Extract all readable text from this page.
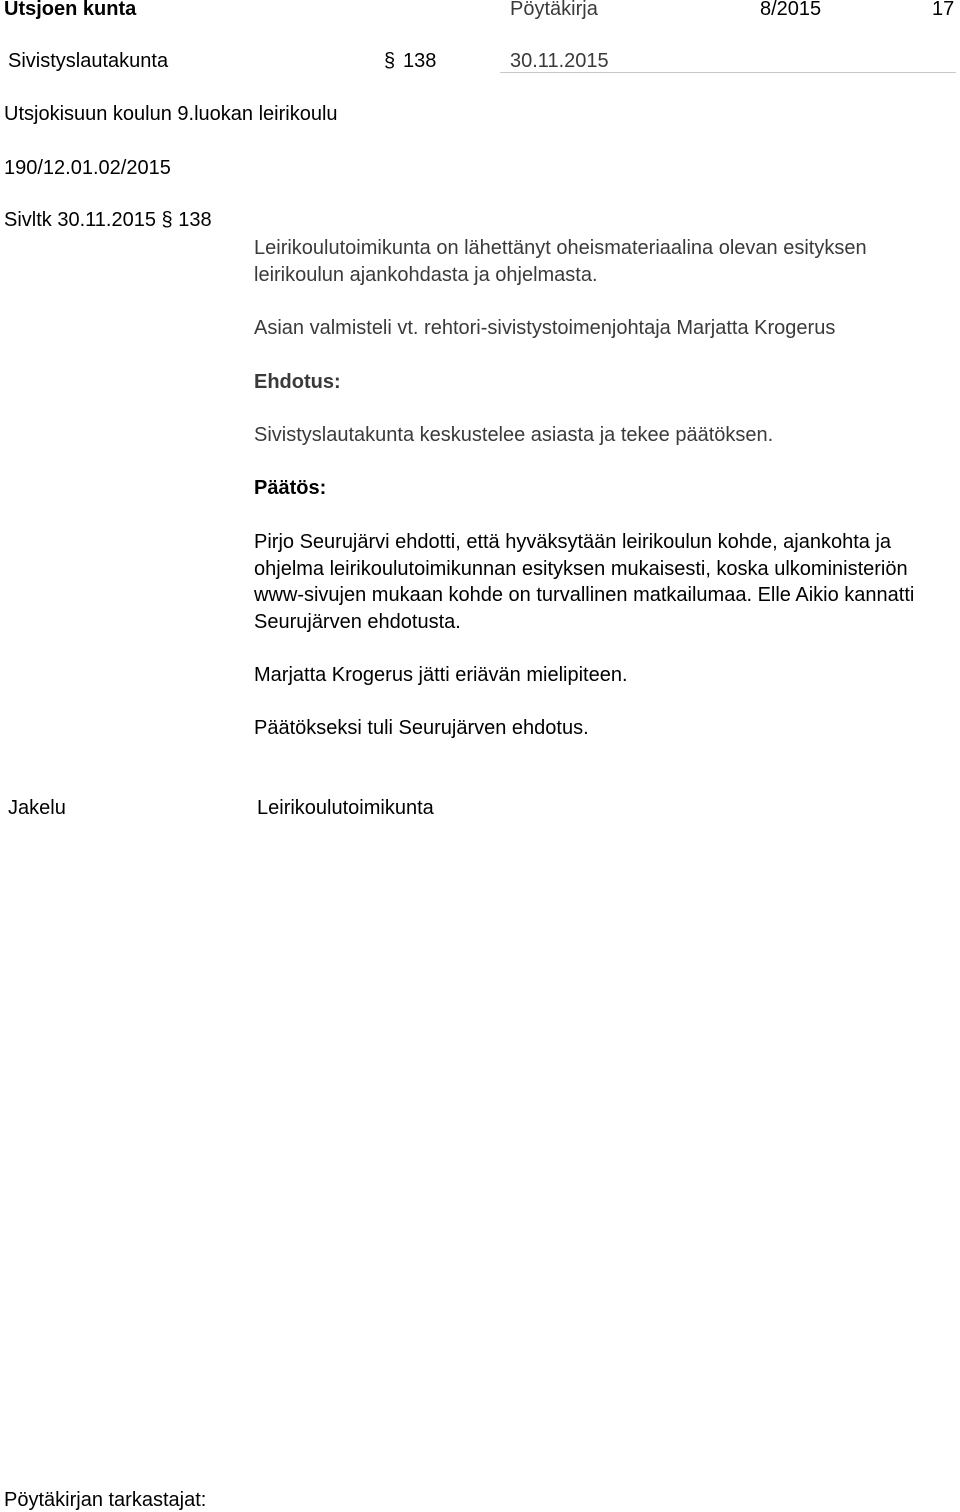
Utsjoen kunta	Pöytäkirja	8/2015	17
Sivistyslautakunta	§ 138	30.11.2015
Utsjokisuun koulun 9.luokan leirikoulu
190/12.01.02/2015
Sivltk 30.11.2015 § 138
Leirikoulutoimikunta on lähettänyt oheismateriaalina olevan esityksen leirikoulun ajankohdasta ja ohjelmasta.
Asian valmisteli vt. rehtori-sivistystoimenjohtaja Marjatta Krogerus
Ehdotus:
Sivistyslautakunta keskustelee asiasta ja tekee päätöksen.
Päätös:
Pirjo Seurujärvi ehdotti, että hyväksytään leirikoulun kohde, ajankohta ja ohjelma leirikoulutoimikunnan esityksen mukaisesti, koska ulkoministeriön www-sivujen mukaan kohde on turvallinen matkailumaa. Elle Aikio kannatti Seurujärven ehdotusta.
Marjatta Krogerus jätti eriävän mielipiteen.
Päätökseksi tuli Seurujärven ehdotus.
Jakelu	Leirikoulutoimikunta
Pöytäkirjan tarkastajat:
